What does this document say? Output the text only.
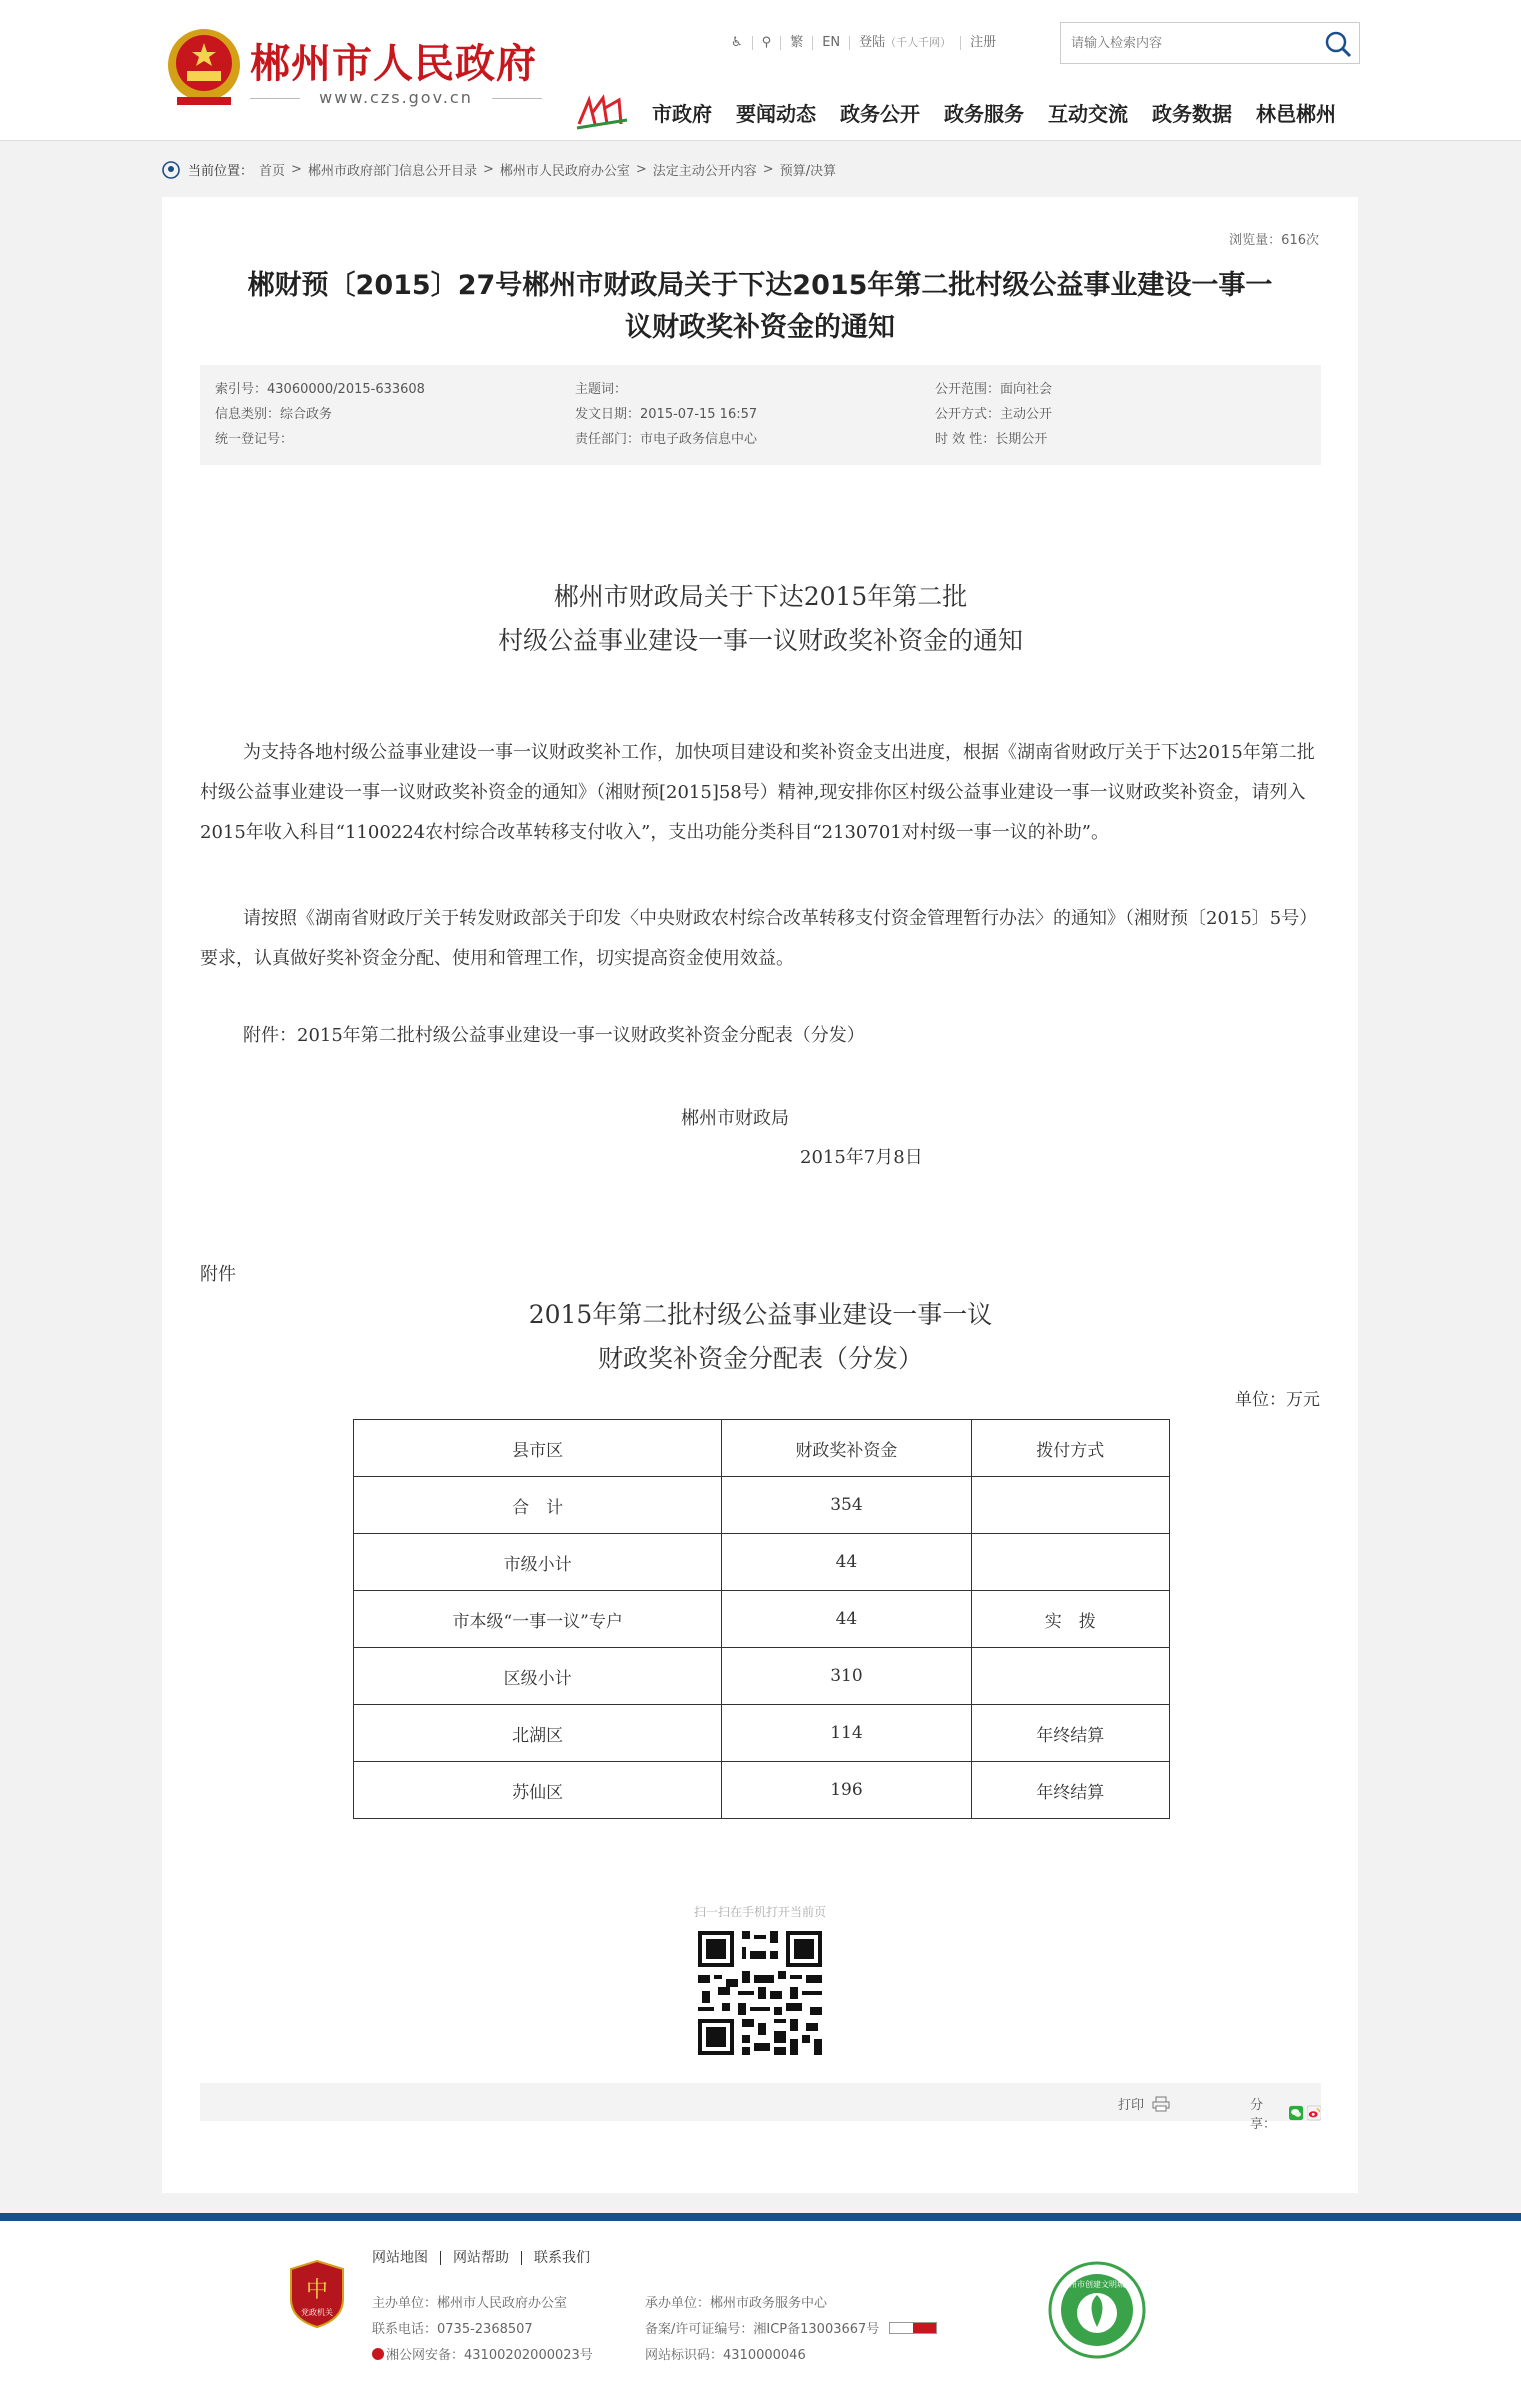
郴州市人民政府
www.czs.gov.cn
♿︎	⚲	繁	EN	登陆（千人千网）	注册
请输入检索内容
市政府 要闻动态 政务公开 政务服务 互动交流 政务数据 林邑郴州
当前位置： 首页 > 郴州市政府部门信息公开目录 > 郴州市人民政府办公室 > 法定主动公开内容 > 预算/决算
浏览量：616次
郴财预〔2015〕27号郴州市财政局关于下达2015年第二批村级公益事业建设一事一
议财政奖补资金的通知
索引号：43060000/2015-633608
信息类别：综合政务
统一登记号：
主题词：
发文日期：2015-07-15 16:57
责任部门：市电子政务信息中心
公开范围：面向社会
公开方式：主动公开
时 效 性：长期公开
郴州市财政局关于下达2015年第二批
村级公益事业建设一事一议财政奖补资金的通知

为支持各地村级公益事业建设一事一议财政奖补工作，加快项目建设和奖补资金支出进度，根据《湖南省财政厅关于下达2015年第二批村级公益事业建设一事一议财政奖补资金的通知》（湘财预[2015]58号）精神,现安排你区村级公益事业建设一事一议财政奖补资金，请列入2015年收入科目“1100224农村综合改革转移支付收入”，支出功能分类科目“2130701对村级一事一议的补助”。

请按照《湖南省财政厅关于转发财政部关于印发〈中央财政农村综合改革转移支付资金管理暂行办法〉的通知》（湘财预〔2015〕5号）要求，认真做好奖补资金分配、使用和管理工作，切实提高资金使用效益。

附件：2015年第二批村级公益事业建设一事一议财政奖补资金分配表（分发）

郴州市财政局
2015年7月8日
附件
2015年第二批村级公益事业建设一事一议
财政奖补资金分配表（分发）
单位：万元
县市区	财政奖补资金	拨付方式
合　计	354	
市级小计	44	
市本级“一事一议”专户	44	实　拨
区级小计	310	
北湖区	114	年终结算
苏仙区	196	年终结算
扫一扫在手机打开当前页
打印	分享：
中
党政机关
网站地图	网站帮助	联系我们
主办单位：郴州市人民政府办公室
联系电话：0735-2368507
湘公网安备：43100202000023号
承办单位：郴州市政务服务中心
备案/许可证编号：湘ICP备13003667号
网站标识码：4310000046
郴州市创建文明城市
